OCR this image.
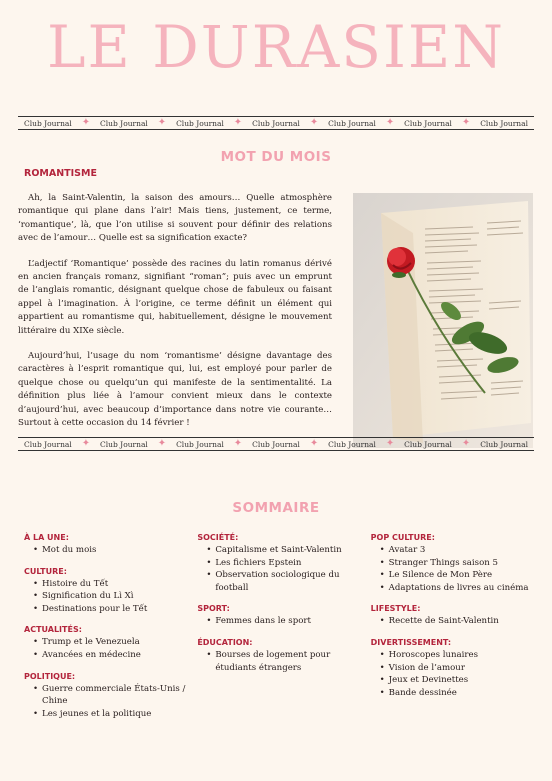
LE DURASIEN
Club Journal ✦ Club Journal ✦ Club Journal ✦ Club Journal ✦ Club Journal ✦ Club Journal ✦ Club Journal
MOT DU MOIS
ROMANTISME

Ah, la Saint-Valentin, la saison des amours… Quelle atmosphère romantique qui plane dans l’air! Mais tiens, justement, ce terme, ‘romantique’, là, que l’on utilise si souvent pour définir des relations avec de l’amour… Quelle est sa signification exacte?

L’adjectif ‘Romantique’ possède des racines du latin romanus dérivé en ancien français romanz, signifiant “roman”; puis avec un emprunt de l’anglais romantic, désignant quelque chose de fabuleux ou faisant appel à l’imagination. À l’origine, ce terme définit un élément qui appartient au romantisme qui, habituellement, désigne le mouvement littéraire du XIXe siècle.

Aujourd’hui, l’usage du nom ‘romantisme’ désigne davantage des caractères à l’esprit romantique qui, lui, est employé pour parler de quelque chose ou quelqu’un qui manifeste de la sentimentalité. La définition plus liée à l’amour convient mieux dans le contexte d’aujourd’hui, avec beaucoup d’importance dans notre vie courante… Surtout à cette occasion du 14 février !

Club Journal ✦ Club Journal ✦ Club Journal ✦ Club Journal ✦ Club Journal ✦ Club Journal ✦ Club Journal
SOMMAIRE
À LA UNE:
• Mot du mois
CULTURE:
• Histoire du Tết
• Signification du Lì Xì
• Destinations pour le Tết
ACTUALITÉS:
• Trump et le Venezuela
• Avancées en médecine
POLITIQUE:
• Guerre commerciale États-Unis / Chine
• Les jeunes et la politique
SOCIÉTÉ:
• Capitalisme et Saint-Valentin
• Les fichiers Epstein
• Observation sociologique du football
SPORT:
• Femmes dans le sport
ÉDUCATION:
• Bourses de logement pour étudiants étrangers
POP CULTURE:
• Avatar 3
• Stranger Things saison 5
• Le Silence de Mon Père
• Adaptations de livres au cinéma
LIFESTYLE:
• Recette de Saint-Valentin
DIVERTISSEMENT:
• Horoscopes lunaires
• Vision de l’amour
• Jeux et Devinettes
• Bande dessinée
